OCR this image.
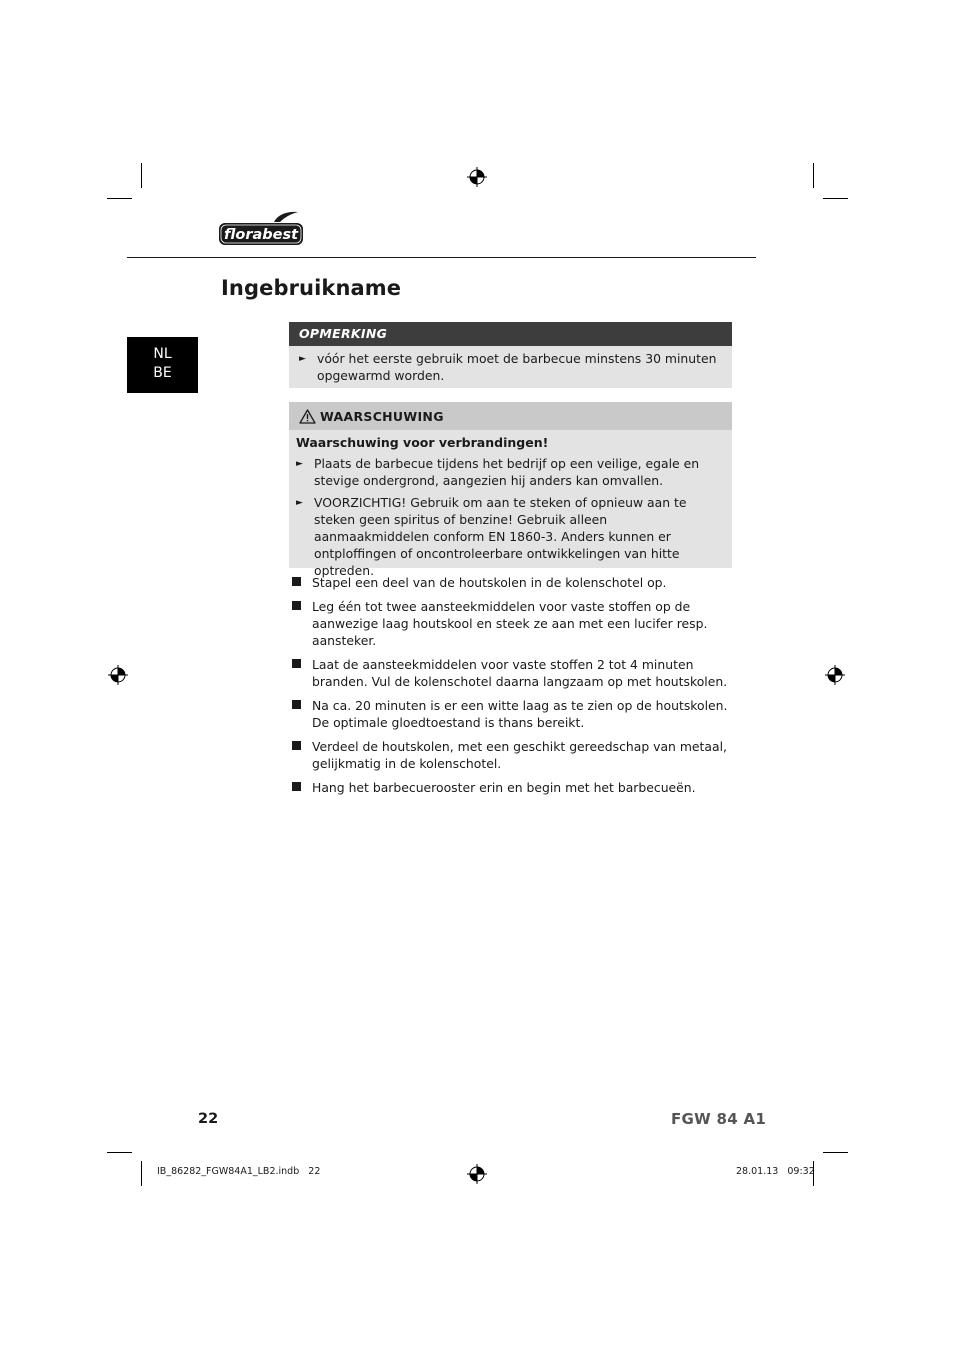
florabest
Ingebruikname
NL
BE
OPMERKING
► vóór het eerste gebruik moet de barbecue minstens 30 minuten opgewarmd worden.
WAARSCHUWING
Waarschuwing voor verbrandingen!
► Plaats de barbecue tijdens het bedrijf op een veilige, egale en stevige ondergrond, aangezien hij anders kan omvallen.
► VOORZICHTIG! Gebruik om aan te steken of opnieuw aan te steken geen spiritus of benzine! Gebruik alleen aanmaakmiddelen conform EN 1860-3. Anders kunnen er ontploffingen of oncontroleerbare ontwikkelingen van hitte optreden.
Stapel een deel van de houtskolen in de kolenschotel op.
Leg één tot twee aansteekmiddelen voor vaste stoffen op de aanwezige laag houtskool en steek ze aan met een lucifer resp. aansteker.
Laat de aansteekmiddelen voor vaste stoffen 2 tot 4 minuten branden. Vul de kolenschotel daarna langzaam op met houtskolen.
Na ca. 20 minuten is er een witte laag as te zien op de houtskolen. De optimale gloedtoestand is thans bereikt.
Verdeel de houtskolen, met een geschikt gereedschap van metaal, gelijkmatig in de kolenschotel.
Hang het barbecuerooster erin en begin met het barbecueën.
22	FGW 84 A1
IB_86282_FGW84A1_LB2.indb   22	28.01.13   09:32
